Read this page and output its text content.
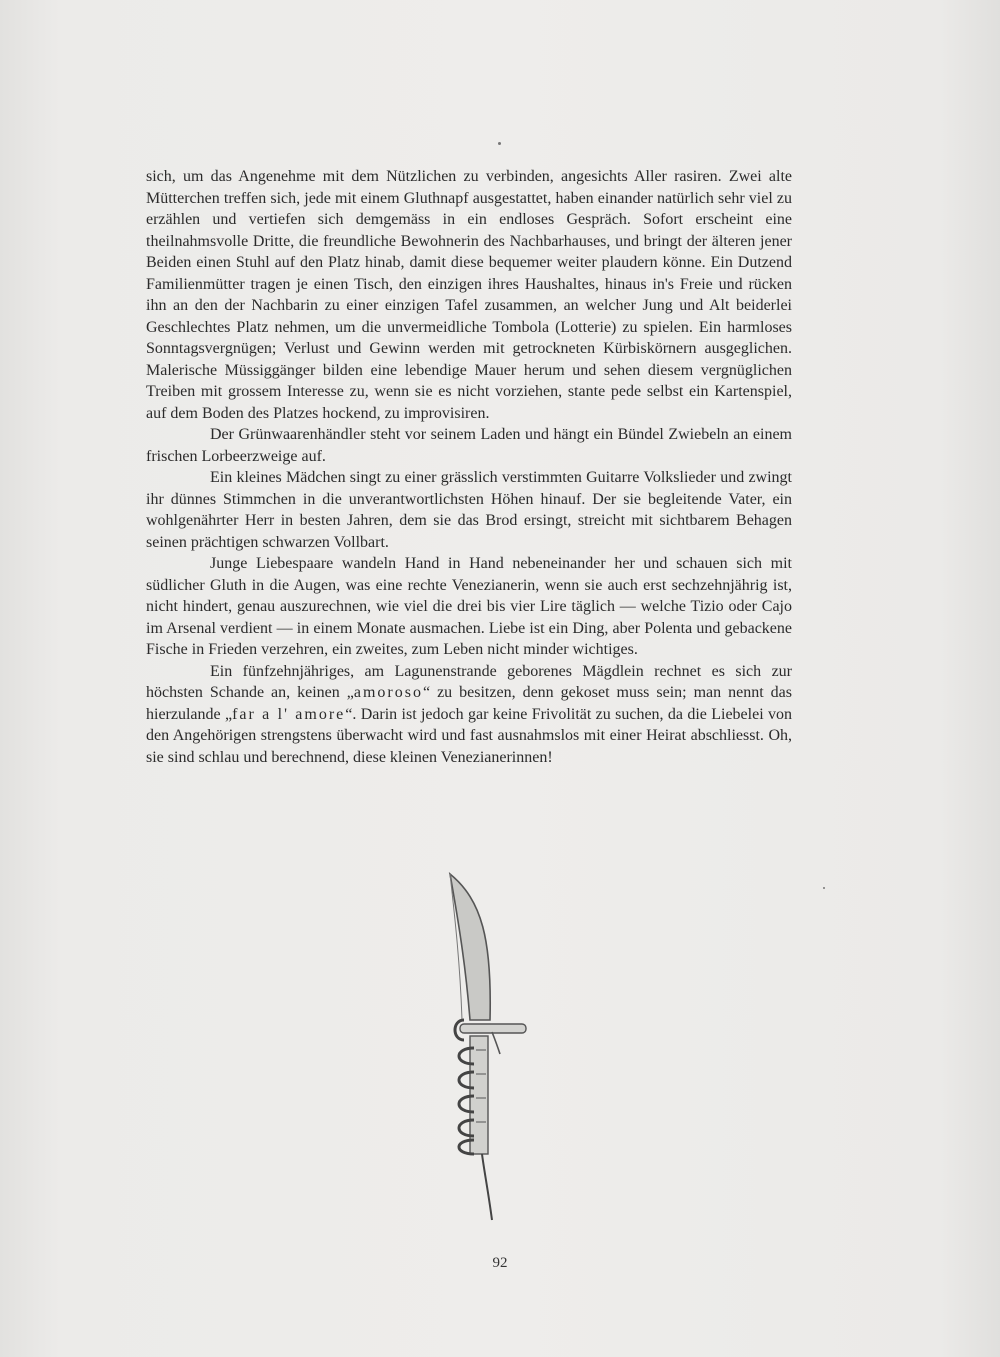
sich, um das Angenehme mit dem Nützlichen zu verbinden, angesichts Aller rasiren. Zwei alte Mütterchen treffen sich, jede mit einem Gluthnapf ausgestattet, haben einander natürlich sehr viel zu erzählen und vertiefen sich demgemäss in ein endloses Gespräch. Sofort erscheint eine theilnahmsvolle Dritte, die freundliche Bewohnerin des Nachbarhauses, und bringt der älteren jener Beiden einen Stuhl auf den Platz hinab, damit diese bequemer weiter plaudern könne. Ein Dutzend Familienmütter tragen je einen Tisch, den einzigen ihres Haushaltes, hinaus in's Freie und rücken ihn an den der Nachbarin zu einer einzigen Tafel zusammen, an welcher Jung und Alt beiderlei Geschlechtes Platz nehmen, um die unvermeidliche Tombola (Lotterie) zu spielen. Ein harmloses Sonntagsvergnügen; Verlust und Gewinn werden mit getrockneten Kürbiskörnern ausgeglichen. Malerische Müssiggänger bilden eine lebendige Mauer herum und sehen diesem vergnüglichen Treiben mit grossem Interesse zu, wenn sie es nicht vorziehen, stante pede selbst ein Kartenspiel, auf dem Boden des Platzes hockend, zu improvisiren.

Der Grünwaarenhändler steht vor seinem Laden und hängt ein Bündel Zwiebeln an einem frischen Lorbeerzweige auf.

Ein kleines Mädchen singt zu einer grässlich verstimmten Guitarre Volkslieder und zwingt ihr dünnes Stimmchen in die unverantwortlichsten Höhen hinauf. Der sie begleitende Vater, ein wohlgenährter Herr in besten Jahren, dem sie das Brod ersingt, streicht mit sichtbarem Behagen seinen prächtigen schwarzen Vollbart.

Junge Liebespaare wandeln Hand in Hand nebeneinander her und schauen sich mit südlicher Gluth in die Augen, was eine rechte Venezianerin, wenn sie auch erst sechzehnjährig ist, nicht hindert, genau auszurechnen, wie viel die drei bis vier Lire täglich — welche Tizio oder Cajo im Arsenal verdient — in einem Monate ausmachen. Liebe ist ein Ding, aber Polenta und gebackene Fische in Frieden verzehren, ein zweites, zum Leben nicht minder wichtiges.

Ein fünfzehnjähriges, am Lagunenstrande geborenes Mägdlein rechnet es sich zur höchsten Schande an, keinen „amoroso“ zu besitzen, denn gekoset muss sein; man nennt das hierzulande „far a l' amore“. Darin ist jedoch gar keine Frivolität zu suchen, da die Liebelei von den Angehörigen strengstens überwacht wird und fast ausnahmslos mit einer Heirat abschliesst. Oh, sie sind schlau und berechnend, diese kleinen Venezianerinnen!

92
